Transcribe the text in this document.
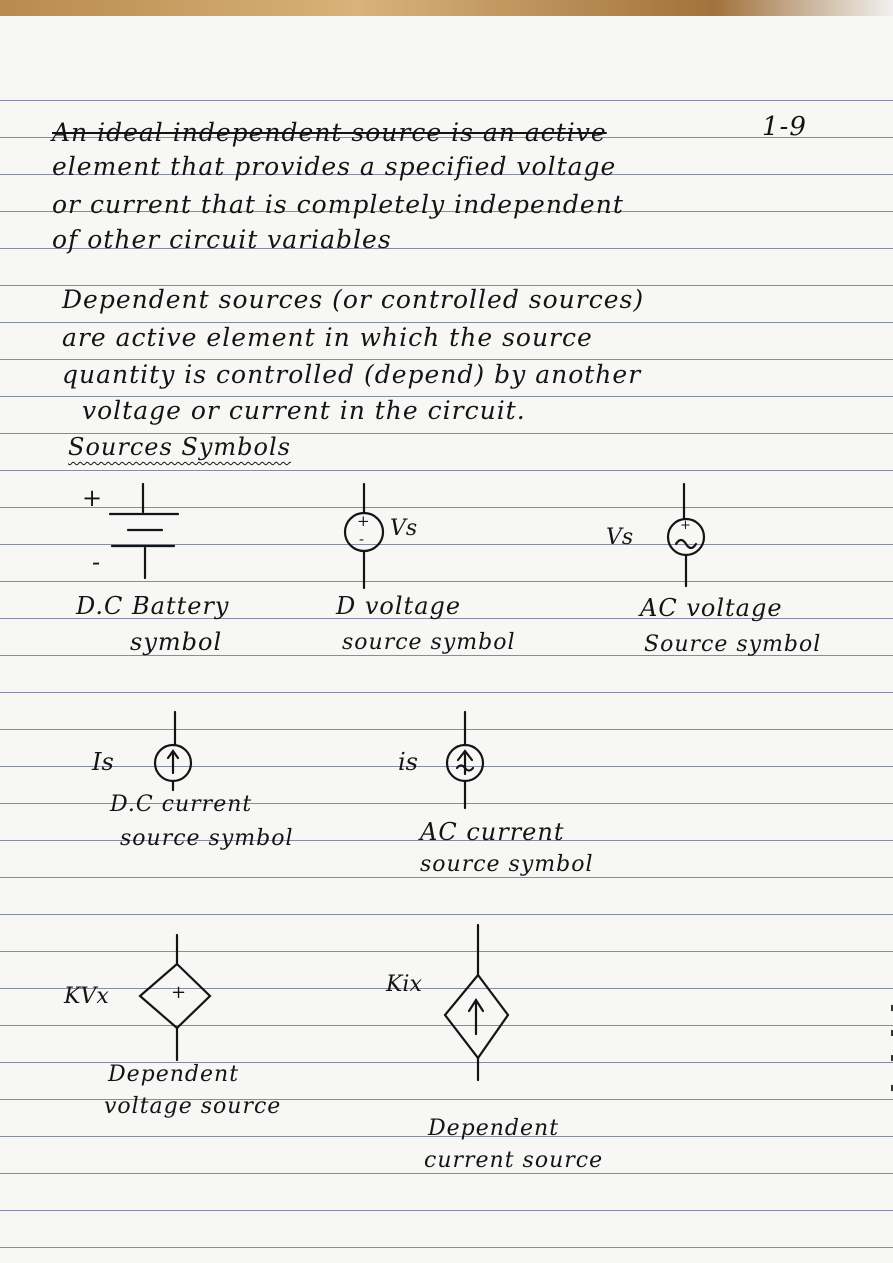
1-9

An ideal independent source is an active

element that provides a specified voltage

or current that is completely independent

of other circuit variables

Dependent sources (or controlled sources)

are active element in which the source

quantity is controlled (depend) by another

voltage or current in the circuit.

Sources Symbols

+
-
+
- Vs	+
Vs
Is	is
+
KVx	Kix

D.C Battery

symbol

D voltage

source symbol

AC voltage

Source symbol

D.C current

source symbol	AC current

source symbol

Dependent

voltage source

Dependent

current source
